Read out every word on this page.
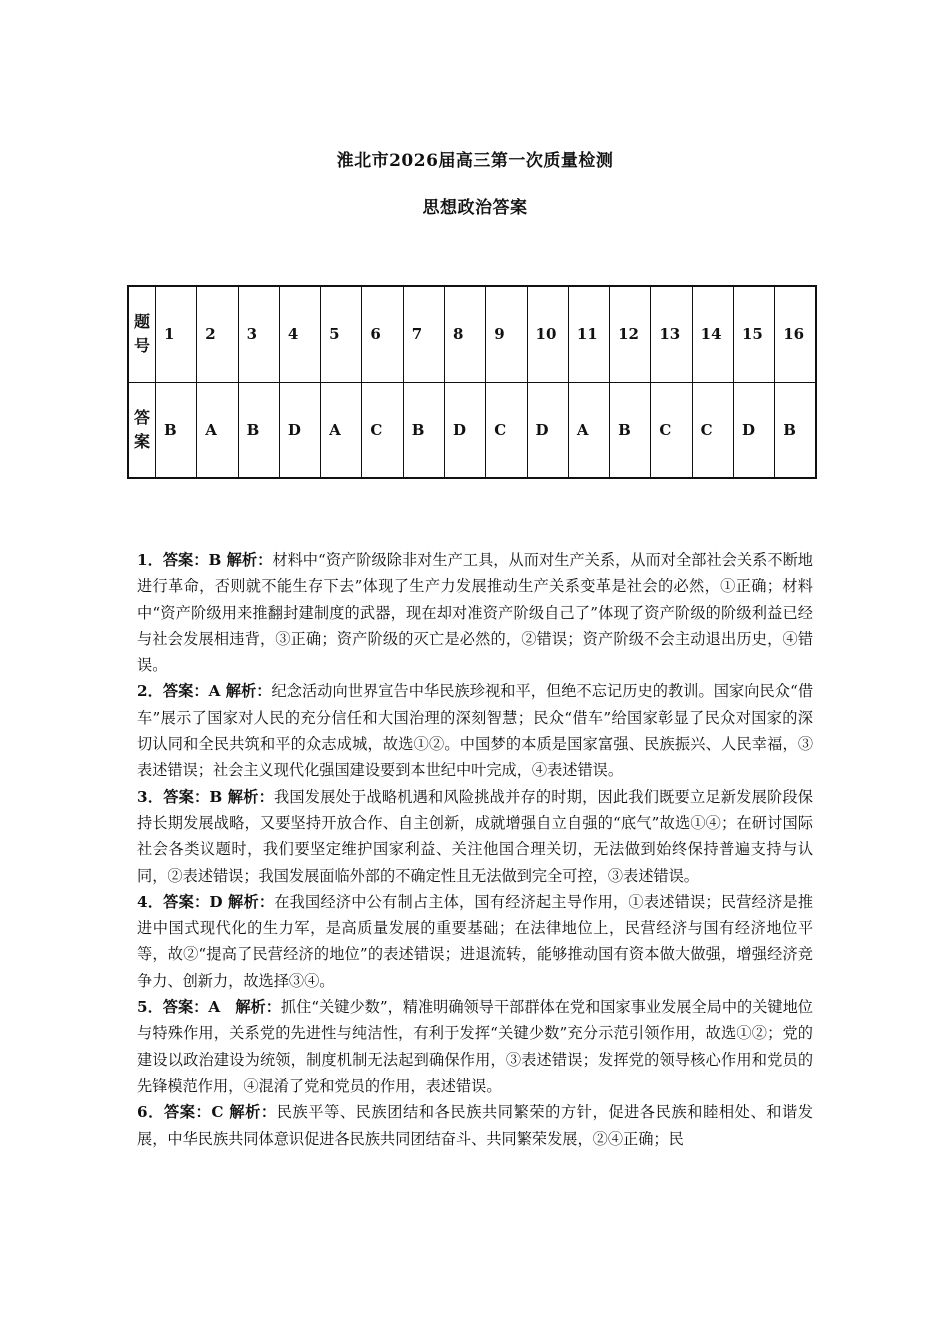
淮北市2026届高三第一次质量检测
思想政治答案
题号	1	2	3	4	5	6	7	8	9	10	11	12	13	14	15	16
答案	B	A	B	D	A	C	B	D	C	D	A	B	C	C	D	B

1．答案：B 解析：材料中“资产阶级除非对生产工具，从而对生产关系，从而对全部社会关系不断地进行革命，否则就不能生存下去”体现了生产力发展推动生产关系变革是社会的必然，①正确；材料中“资产阶级用来推翻封建制度的武器，现在却对准资产阶级自己了”体现了资产阶级的阶级利益已经与社会发展相违背，③正确；资产阶级的灭亡是必然的，②错误；资产阶级不会主动退出历史，④错误。

2．答案：A 解析：纪念活动向世界宣告中华民族珍视和平，但绝不忘记历史的教训。国家向民众“借车”展示了国家对人民的充分信任和大国治理的深刻智慧；民众“借车”给国家彰显了民众对国家的深切认同和全民共筑和平的众志成城，故选①②。中国梦的本质是国家富强、民族振兴、人民幸福，③表述错误；社会主义现代化强国建设要到本世纪中叶完成，④表述错误。

3．答案：B 解析：我国发展处于战略机遇和风险挑战并存的时期，因此我们既要立足新发展阶段保持长期发展战略，又要坚持开放合作、自主创新，成就增强自立自强的“底气”故选①④；在研讨国际社会各类议题时，我们要坚定维护国家利益、关注他国合理关切，无法做到始终保持普遍支持与认同，②表述错误；我国发展面临外部的不确定性且无法做到完全可控，③表述错误。

4．答案：D 解析：在我国经济中公有制占主体，国有经济起主导作用，①表述错误；民营经济是推进中国式现代化的生力军，是高质量发展的重要基础；在法律地位上，民营经济与国有经济地位平等，故②“提高了民营经济的地位”的表述错误；进退流转，能够推动国有资本做大做强，增强经济竞争力、创新力，故选择③④。

5．答案：A　解析：抓住“关键少数”，精准明确领导干部群体在党和国家事业发展全局中的关键地位与特殊作用，关系党的先进性与纯洁性，有利于发挥“关键少数”充分示范引领作用，故选①②；党的建设以政治建设为统领，制度机制无法起到确保作用，③表述错误；发挥党的领导核心作用和党员的先锋模范作用，④混淆了党和党员的作用，表述错误。

6．答案：C 解析：民族平等、民族团结和各民族共同繁荣的方针，促进各民族和睦相处、和谐发展，中华民族共同体意识促进各民族共同团结奋斗、共同繁荣发展，②④正确；民
